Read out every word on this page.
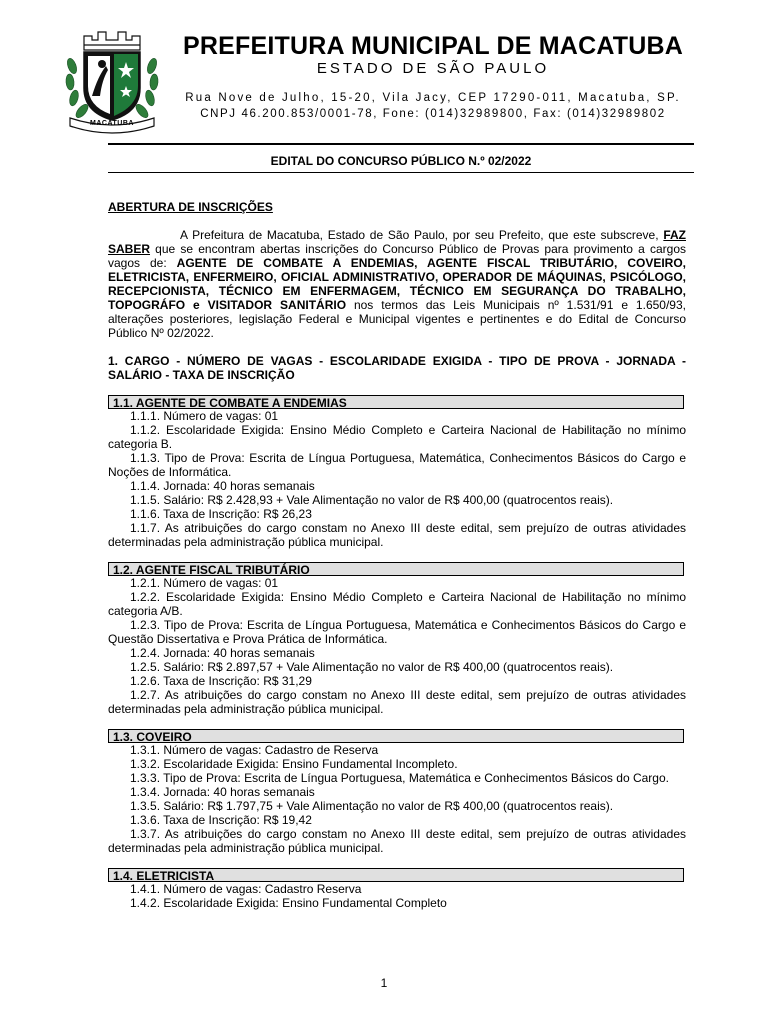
MACATUBA
PREFEITURA MUNICIPAL DE MACATUBA
ESTADO DE SÃO PAULO
Rua Nove de Julho, 15-20, Vila Jacy, CEP 17290-011, Macatuba, SP.
CNPJ 46.200.853/0001-78, Fone: (014)32989800, Fax: (014)32989802
EDITAL DO CONCURSO PÚBLICO N.º 02/2022
ABERTURA DE INSCRIÇÕES

A Prefeitura de Macatuba, Estado de São Paulo, por seu Prefeito, que este subscreve, FAZ SABER que se encontram abertas inscrições do Concurso Público de Provas para provimento a cargos vagos de: AGENTE DE COMBATE A ENDEMIAS, AGENTE FISCAL TRIBUTÁRIO, COVEIRO, ELETRICISTA, ENFERMEIRO, OFICIAL ADMINISTRATIVO, OPERADOR DE MÁQUINAS, PSICÓLOGO, RECEPCIONISTA, TÉCNICO EM ENFERMAGEM, TÉCNICO EM SEGURANÇA DO TRABALHO, TOPOGRÁFO e VISITADOR SANITÁRIO nos termos das Leis Municipais nº 1.531/91 e 1.650/93, alterações posteriores, legislação Federal e Municipal vigentes e pertinentes e do Edital de Concurso Público Nº 02/2022.

1. CARGO - NÚMERO DE VAGAS - ESCOLARIDADE EXIGIDA - TIPO DE PROVA - JORNADA - SALÁRIO - TAXA DE INSCRIÇÃO
1.1. AGENTE DE COMBATE A ENDEMIAS

1.1.1. Número de vagas: 01

1.1.2. Escolaridade Exigida: Ensino Médio Completo e Carteira Nacional de Habilitação no mínimo categoria B.

1.1.3. Tipo de Prova: Escrita de Língua Portuguesa, Matemática, Conhecimentos Básicos do Cargo e Noções de Informática.

1.1.4. Jornada: 40 horas semanais

1.1.5. Salário: R$ 2.428,93 + Vale Alimentação no valor de R$ 400,00 (quatrocentos reais).

1.1.6. Taxa de Inscrição: R$ 26,23

1.1.7. As atribuições do cargo constam no Anexo III deste edital, sem prejuízo de outras atividades determinadas pela administração pública municipal.

1.2. AGENTE FISCAL TRIBUTÁRIO

1.2.1. Número de vagas: 01

1.2.2. Escolaridade Exigida: Ensino Médio Completo e Carteira Nacional de Habilitação no mínimo categoria A/B.

1.2.3. Tipo de Prova: Escrita de Língua Portuguesa, Matemática e Conhecimentos Básicos do Cargo e Questão Dissertativa e Prova Prática de Informática.

1.2.4. Jornada: 40 horas semanais

1.2.5. Salário: R$ 2.897,57 + Vale Alimentação no valor de R$ 400,00 (quatrocentos reais).

1.2.6. Taxa de Inscrição: R$ 31,29

1.2.7. As atribuições do cargo constam no Anexo III deste edital, sem prejuízo de outras atividades determinadas pela administração pública municipal.

1.3. COVEIRO

1.3.1. Número de vagas: Cadastro de Reserva

1.3.2. Escolaridade Exigida: Ensino Fundamental Incompleto.

1.3.3. Tipo de Prova: Escrita de Língua Portuguesa, Matemática e Conhecimentos Básicos do Cargo.

1.3.4. Jornada: 40 horas semanais

1.3.5. Salário: R$ 1.797,75 + Vale Alimentação no valor de R$ 400,00 (quatrocentos reais).

1.3.6. Taxa de Inscrição: R$ 19,42

1.3.7. As atribuições do cargo constam no Anexo III deste edital, sem prejuízo de outras atividades determinadas pela administração pública municipal.

1.4. ELETRICISTA

1.4.1. Número de vagas: Cadastro Reserva

1.4.2. Escolaridade Exigida: Ensino Fundamental Completo

1
